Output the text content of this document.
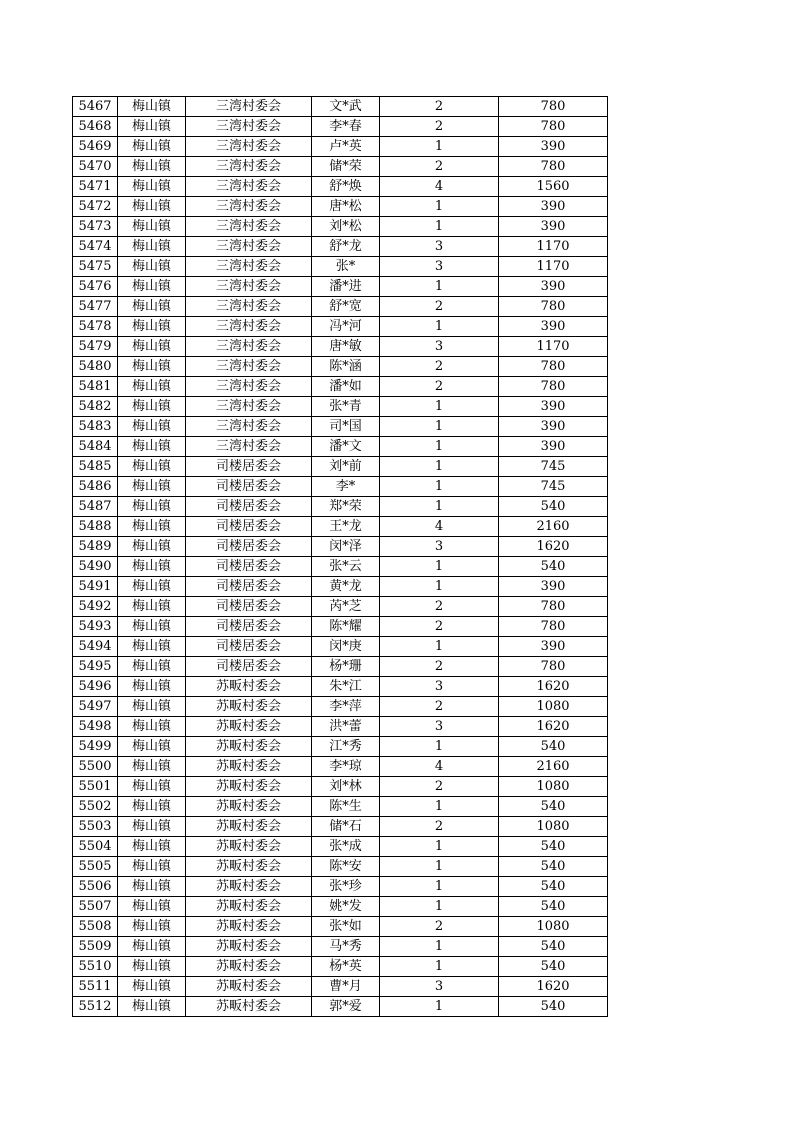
5467	梅山镇	三湾村委会	文*武	2	780
5468	梅山镇	三湾村委会	李*春	2	780
5469	梅山镇	三湾村委会	卢*英	1	390
5470	梅山镇	三湾村委会	储*荣	2	780
5471	梅山镇	三湾村委会	舒*焕	4	1560
5472	梅山镇	三湾村委会	唐*松	1	390
5473	梅山镇	三湾村委会	刘*松	1	390
5474	梅山镇	三湾村委会	舒*龙	3	1170
5475	梅山镇	三湾村委会	张*	3	1170
5476	梅山镇	三湾村委会	潘*进	1	390
5477	梅山镇	三湾村委会	舒*宽	2	780
5478	梅山镇	三湾村委会	冯*河	1	390
5479	梅山镇	三湾村委会	唐*敏	3	1170
5480	梅山镇	三湾村委会	陈*涵	2	780
5481	梅山镇	三湾村委会	潘*如	2	780
5482	梅山镇	三湾村委会	张*青	1	390
5483	梅山镇	三湾村委会	司*国	1	390
5484	梅山镇	三湾村委会	潘*文	1	390
5485	梅山镇	司楼居委会	刘*前	1	745
5486	梅山镇	司楼居委会	李*	1	745
5487	梅山镇	司楼居委会	郑*荣	1	540
5488	梅山镇	司楼居委会	王*龙	4	2160
5489	梅山镇	司楼居委会	闵*泽	3	1620
5490	梅山镇	司楼居委会	张*云	1	540
5491	梅山镇	司楼居委会	黄*龙	1	390
5492	梅山镇	司楼居委会	芮*芝	2	780
5493	梅山镇	司楼居委会	陈*耀	2	780
5494	梅山镇	司楼居委会	闵*庚	1	390
5495	梅山镇	司楼居委会	杨*珊	2	780
5496	梅山镇	苏畈村委会	朱*江	3	1620
5497	梅山镇	苏畈村委会	李*萍	2	1080
5498	梅山镇	苏畈村委会	洪*蕾	3	1620
5499	梅山镇	苏畈村委会	江*秀	1	540
5500	梅山镇	苏畈村委会	李*琼	4	2160
5501	梅山镇	苏畈村委会	刘*林	2	1080
5502	梅山镇	苏畈村委会	陈*生	1	540
5503	梅山镇	苏畈村委会	储*石	2	1080
5504	梅山镇	苏畈村委会	张*成	1	540
5505	梅山镇	苏畈村委会	陈*安	1	540
5506	梅山镇	苏畈村委会	张*珍	1	540
5507	梅山镇	苏畈村委会	姚*发	1	540
5508	梅山镇	苏畈村委会	张*如	2	1080
5509	梅山镇	苏畈村委会	马*秀	1	540
5510	梅山镇	苏畈村委会	杨*英	1	540
5511	梅山镇	苏畈村委会	曹*月	3	1620
5512	梅山镇	苏畈村委会	郭*爱	1	540
